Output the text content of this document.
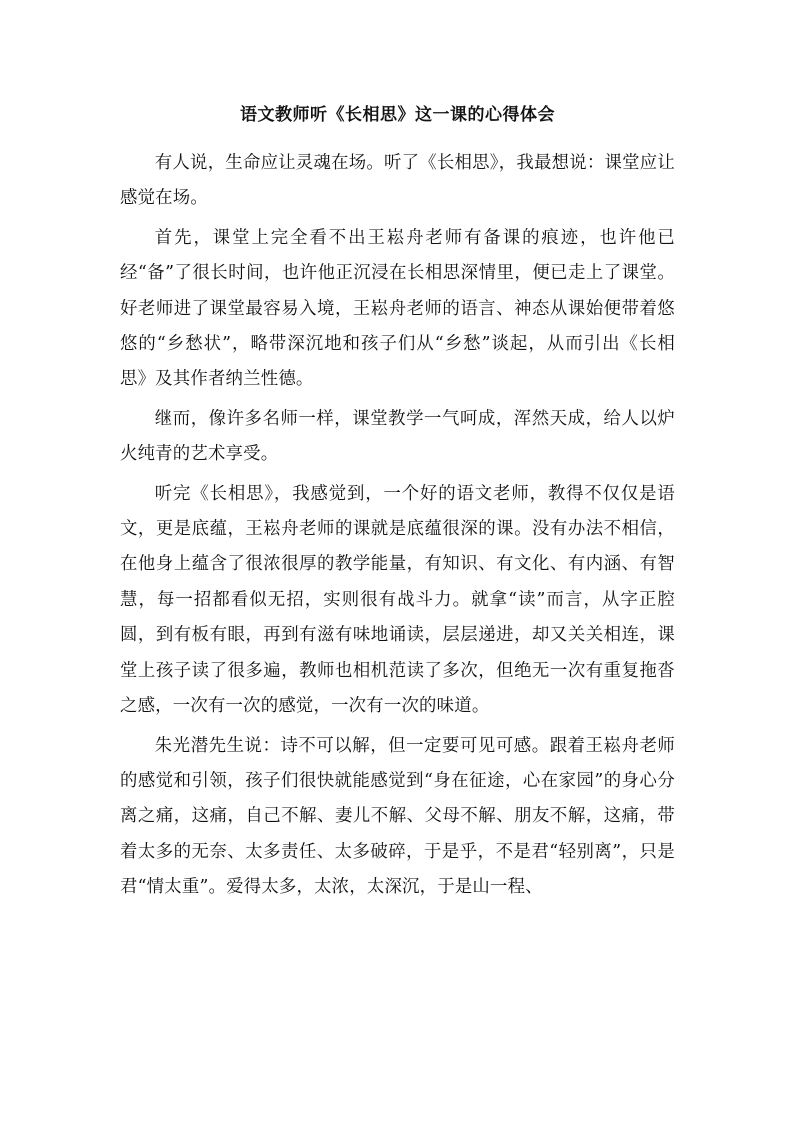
语文教师听《长相思》这一课的心得体会

有人说，生命应让灵魂在场。听了《长相思》，我最想说：课堂应让感觉在场。

首先，课堂上完全看不出王崧舟老师有备课的痕迹，也许他已经“备”了很长时间，也许他正沉浸在长相思深情里，便已走上了课堂。好老师进了课堂最容易入境，王崧舟老师的语言、神态从课始便带着悠悠的“乡愁状”，略带深沉地和孩子们从“乡愁”谈起，从而引出《长相思》及其作者纳兰性德。

继而，像许多名师一样，课堂教学一气呵成，浑然天成，给人以炉火纯青的艺术享受。

听完《长相思》，我感觉到，一个好的语文老师，教得不仅仅是语文，更是底蕴，王崧舟老师的课就是底蕴很深的课。没有办法不相信，在他身上蕴含了很浓很厚的教学能量，有知识、有文化、有内涵、有智慧，每一招都看似无招，实则很有战斗力。就拿“读”而言，从字正腔圆，到有板有眼，再到有滋有味地诵读，层层递进，却又关关相连，课堂上孩子读了很多遍，教师也相机范读了多次，但绝无一次有重复拖沓之感，一次有一次的感觉，一次有一次的味道。

朱光潜先生说：诗不可以解，但一定要可见可感。跟着王崧舟老师的感觉和引领，孩子们很快就能感觉到“身在征途，心在家园”的身心分离之痛，这痛，自己不解、妻儿不解、父母不解、朋友不解，这痛，带着太多的无奈、太多责任、太多破碎，于是乎，不是君“轻别离”，只是君“情太重”。爱得太多，太浓，太深沉，于是山一程、
